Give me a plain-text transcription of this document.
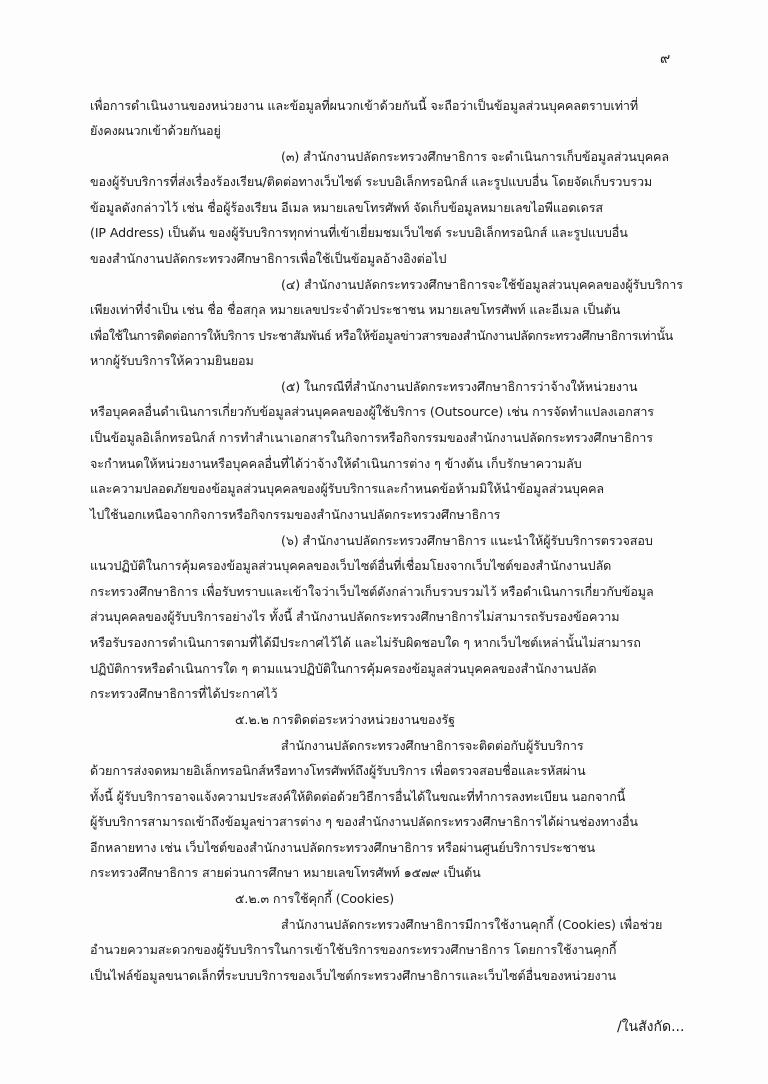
๙
เพื่อการดำเนินงานของหน่วยงาน และข้อมูลที่ผนวกเข้าด้วยกันนี้ จะถือว่าเป็นข้อมูลส่วนบุคคลตราบเท่าที่
ยังคงผนวกเข้าด้วยกันอยู่
(๓) สำนักงานปลัดกระทรวงศึกษาธิการ จะดำเนินการเก็บข้อมูลส่วนบุคคล
ของผู้รับบริการที่ส่งเรื่องร้องเรียน/ติดต่อทางเว็บไซต์ ระบบอิเล็กทรอนิกส์ และรูปแบบอื่น โดยจัดเก็บรวบรวม
ข้อมูลดังกล่าวไว้ เช่น ชื่อผู้ร้องเรียน อีเมล หมายเลขโทรศัพท์ จัดเก็บข้อมูลหมายเลขไอพีแอดเดรส
(IP Address) เป็นต้น ของผู้รับบริการทุกท่านที่เข้าเยี่ยมชมเว็บไซต์ ระบบอิเล็กทรอนิกส์ และรูปแบบอื่น
ของสำนักงานปลัดกระทรวงศึกษาธิการเพื่อใช้เป็นข้อมูลอ้างอิงต่อไป
(๔) สำนักงานปลัดกระทรวงศึกษาธิการจะใช้ข้อมูลส่วนบุคคลของผู้รับบริการ
เพียงเท่าที่จำเป็น เช่น ชื่อ ชื่อสกุล หมายเลขประจำตัวประชาชน หมายเลขโทรศัพท์ และอีเมล เป็นต้น
เพื่อใช้ในการติดต่อการให้บริการ ประชาสัมพันธ์ หรือให้ข้อมูลข่าวสารของสำนักงานปลัดกระทรวงศึกษาธิการเท่านั้น
หากผู้รับบริการให้ความยินยอม
(๕) ในกรณีที่สำนักงานปลัดกระทรวงศึกษาธิการว่าจ้างให้หน่วยงาน
หรือบุคคลอื่นดำเนินการเกี่ยวกับข้อมูลส่วนบุคคลของผู้ใช้บริการ (Outsource) เช่น การจัดทำแปลงเอกสาร
เป็นข้อมูลอิเล็กทรอนิกส์ การทำสำเนาเอกสารในกิจการหรือกิจกรรมของสำนักงานปลัดกระทรวงศึกษาธิการ
จะกำหนดให้หน่วยงานหรือบุคคลอื่นที่ได้ว่าจ้างให้ดำเนินการต่าง ๆ ข้างต้น เก็บรักษาความลับ
และความปลอดภัยของข้อมูลส่วนบุคคลของผู้รับบริการและกำหนดข้อห้ามมิให้นำข้อมูลส่วนบุคคล
ไปใช้นอกเหนือจากกิจการหรือกิจกรรมของสำนักงานปลัดกระทรวงศึกษาธิการ
(๖) สำนักงานปลัดกระทรวงศึกษาธิการ แนะนำให้ผู้รับบริการตรวจสอบ
แนวปฏิบัติในการคุ้มครองข้อมูลส่วนบุคคลของเว็บไซต์อื่นที่เชื่อมโยงจากเว็บไซต์ของสำนักงานปลัด
กระทรวงศึกษาธิการ เพื่อรับทราบและเข้าใจว่าเว็บไซต์ดังกล่าวเก็บรวบรวมไว้ หรือดำเนินการเกี่ยวกับข้อมูล
ส่วนบุคคลของผู้รับบริการอย่างไร ทั้งนี้ สำนักงานปลัดกระทรวงศึกษาธิการไม่สามารถรับรองข้อความ
หรือรับรองการดำเนินการตามที่ได้มีประกาศไว้ได้ และไม่รับผิดชอบใด ๆ หากเว็บไซต์เหล่านั้นไม่สามารถ
ปฏิบัติการหรือดำเนินการใด ๆ ตามแนวปฏิบัติในการคุ้มครองข้อมูลส่วนบุคคลของสำนักงานปลัด
กระทรวงศึกษาธิการที่ได้ประกาศไว้
๕.๒.๒ การติดต่อระหว่างหน่วยงานของรัฐ
สำนักงานปลัดกระทรวงศึกษาธิการจะติดต่อกับผู้รับบริการ
ด้วยการส่งจดหมายอิเล็กทรอนิกส์หรือทางโทรศัพท์ถึงผู้รับบริการ เพื่อตรวจสอบชื่อและรหัสผ่าน
ทั้งนี้ ผู้รับบริการอาจแจ้งความประสงค์ให้ติดต่อด้วยวิธีการอื่นได้ในขณะที่ทำการลงทะเบียน นอกจากนี้
ผู้รับบริการสามารถเข้าถึงข้อมูลข่าวสารต่าง ๆ ของสำนักงานปลัดกระทรวงศึกษาธิการได้ผ่านช่องทางอื่น
อีกหลายทาง เช่น เว็บไซต์ของสำนักงานปลัดกระทรวงศึกษาธิการ หรือผ่านศูนย์บริการประชาชน
กระทรวงศึกษาธิการ สายด่วนการศึกษา หมายเลขโทรศัพท์ ๑๕๗๙ เป็นต้น
๕.๒.๓ การใช้คุกกี้ (Cookies)
สำนักงานปลัดกระทรวงศึกษาธิการมีการใช้งานคุกกี้ (Cookies) เพื่อช่วย
อำนวยความสะดวกของผู้รับบริการในการเข้าใช้บริการของกระทรวงศึกษาธิการ โดยการใช้งานคุกกี้
เป็นไฟล์ข้อมูลขนาดเล็กที่ระบบบริการของเว็บไซต์กระทรวงศึกษาธิการและเว็บไซต์อื่นของหน่วยงาน
/ในสังกัด...
